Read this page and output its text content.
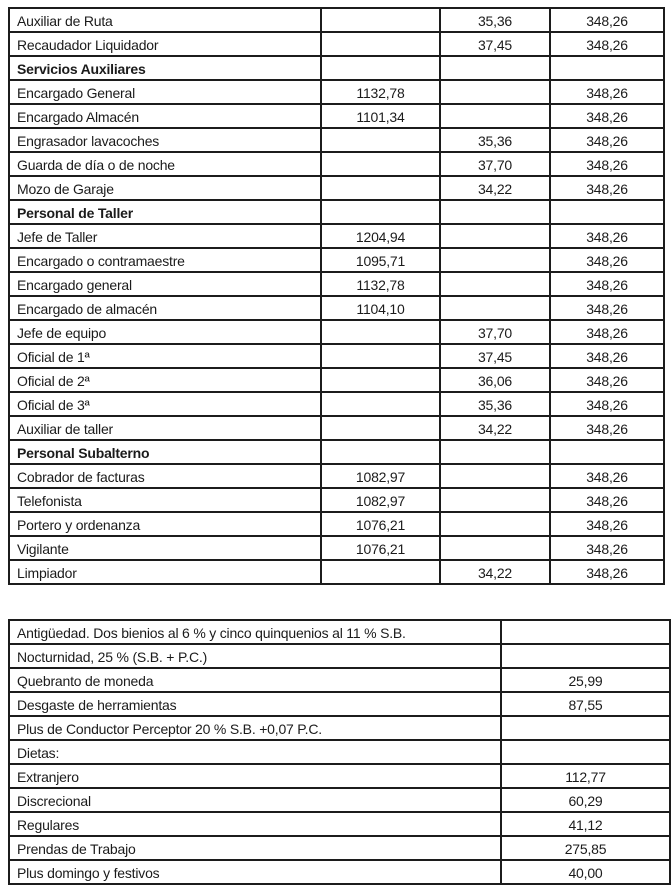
Auxiliar de Ruta		35,36	348,26
Recaudador Liquidador		37,45	348,26
Servicios Auxiliares			
Encargado General	1132,78		348,26
Encargado Almacén	1101,34		348,26
Engrasador lavacoches		35,36	348,26
Guarda de día o de noche		37,70	348,26
Mozo de Garaje		34,22	348,26
Personal de Taller			
Jefe de Taller	1204,94		348,26
Encargado o contramaestre	1095,71		348,26
Encargado general	1132,78		348,26
Encargado de almacén	1104,10		348,26
Jefe de equipo		37,70	348,26
Oficial de 1ª		37,45	348,26
Oficial de 2ª		36,06	348,26
Oficial de 3ª		35,36	348,26
Auxiliar de taller		34,22	348,26
Personal Subalterno			
Cobrador de facturas	1082,97		348,26
Telefonista	1082,97		348,26
Portero y ordenanza	1076,21		348,26
Vigilante	1076,21		348,26
Limpiador		34,22	348,26
Antigüedad. Dos bienios al 6 % y cinco quinquenios al 11 % S.B.	
Nocturnidad, 25 % (S.B. + P.C.)	
Quebranto de moneda	25,99
Desgaste de herramientas	87,55
Plus de Conductor Perceptor 20 % S.B. +0,07 P.C.	
Dietas:	
Extranjero	112,77
Discrecional	60,29
Regulares	41,12
Prendas de Trabajo	275,85
Plus domingo y festivos	40,00
